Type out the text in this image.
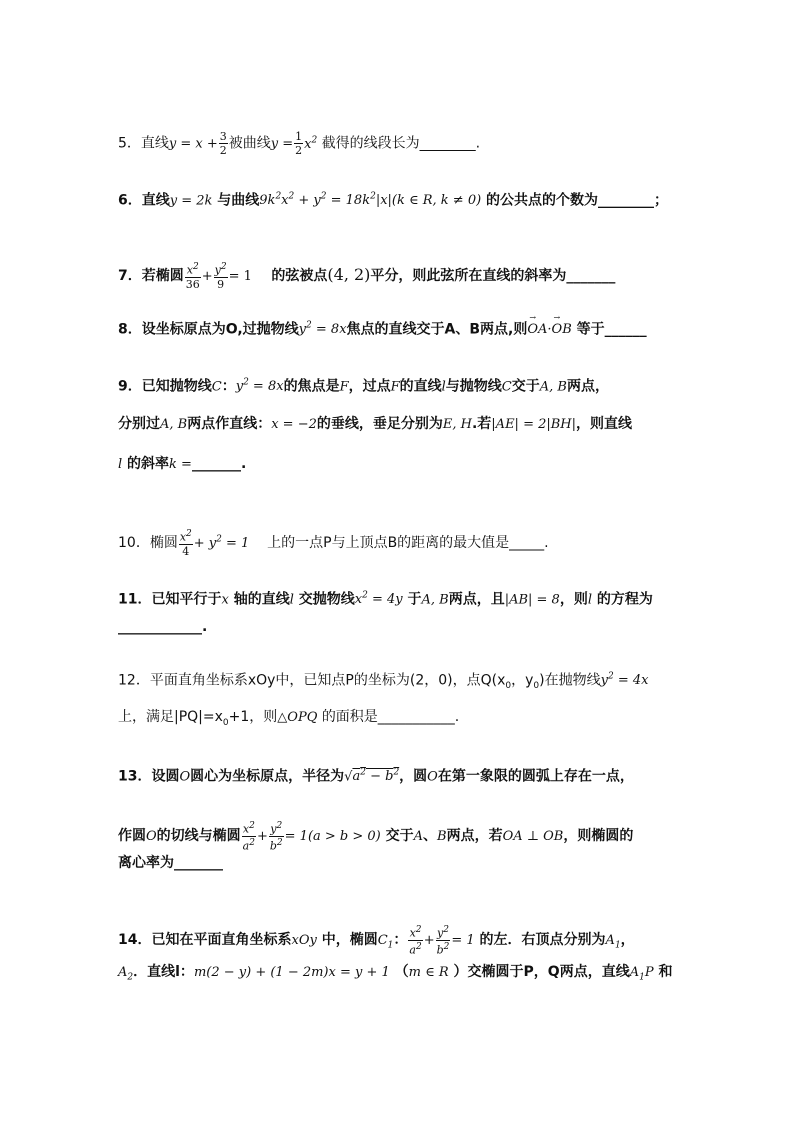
5．直线$y = x + \frac{3}{2}$ 被曲线$y = \frac{1}{2} x^2$ 截得的线段长为________.
6．直线y = 2k 与曲线$9k^2x^2 + y^2 = 18k^2|x|(k$ ∈ R, k ≠ 0) 的公共点的个数为________；
7．若椭圆 $\frac{x^2}{36} + \frac{y^2}{9} = 1$ 的弦被点(4, 2)平分，则此弦所在直线的斜率为_______
8．设坐标原点为O,过抛物线$y^2 = 8x$焦点的直线交于A、B两点,则→ OA·→ OB 等于______
9．已知抛物线C：$y^2 = 8x$的焦点是F，过点F的直线l与抛物线C交于A, B两点，
分别过A, B两点作直线：x = −2的垂线，垂足分别为E, H.若|AE| = 2|BH|，则直线
l 的斜率k =_______.
10．椭圆 $\frac{x^2}{4} + y^2 = 1$ 上的一点P与上顶点B的距离的最大值是_____.
11．已知平行于x 轴的直线l 交抛物线$x^2 = 4y$ 于A, B两点，且|AB| = 8，则l 的方程为
____________.
12．平面直角坐标系xOy中，已知点P的坐标为(2，0)，点$Q(x_0$，$y_0$)在抛物线$y^2 = 4x$
上，满足$|PQ|=x_0+1$，则△OPQ 的面积是___________.
13．设圆O圆心为坐标原点，半径为$√a^2 - b^2$，圆O在第一象限的圆弧上存在一点，
作圆O的切线与椭圆 $\frac{x^2}{a^2} + \frac{y^2}{b^2} = 1(a > b > 0)$ 交于A、B两点，若OA ⊥ OB，则椭圆的
离心率为_______
14．已知在平面直角坐标系xOy 中，椭圆$C_1$： $\frac{x^2}{a^2} + \frac{y^2}{b^2} = 1$ 的左．右顶点分别为$A_1$，
$A_2$．直线l：m(2 − y) + (1 − 2m)x = y + 1 （m ∈ R ）交椭圆于P，Q两点，直线$A_1P$ 和
